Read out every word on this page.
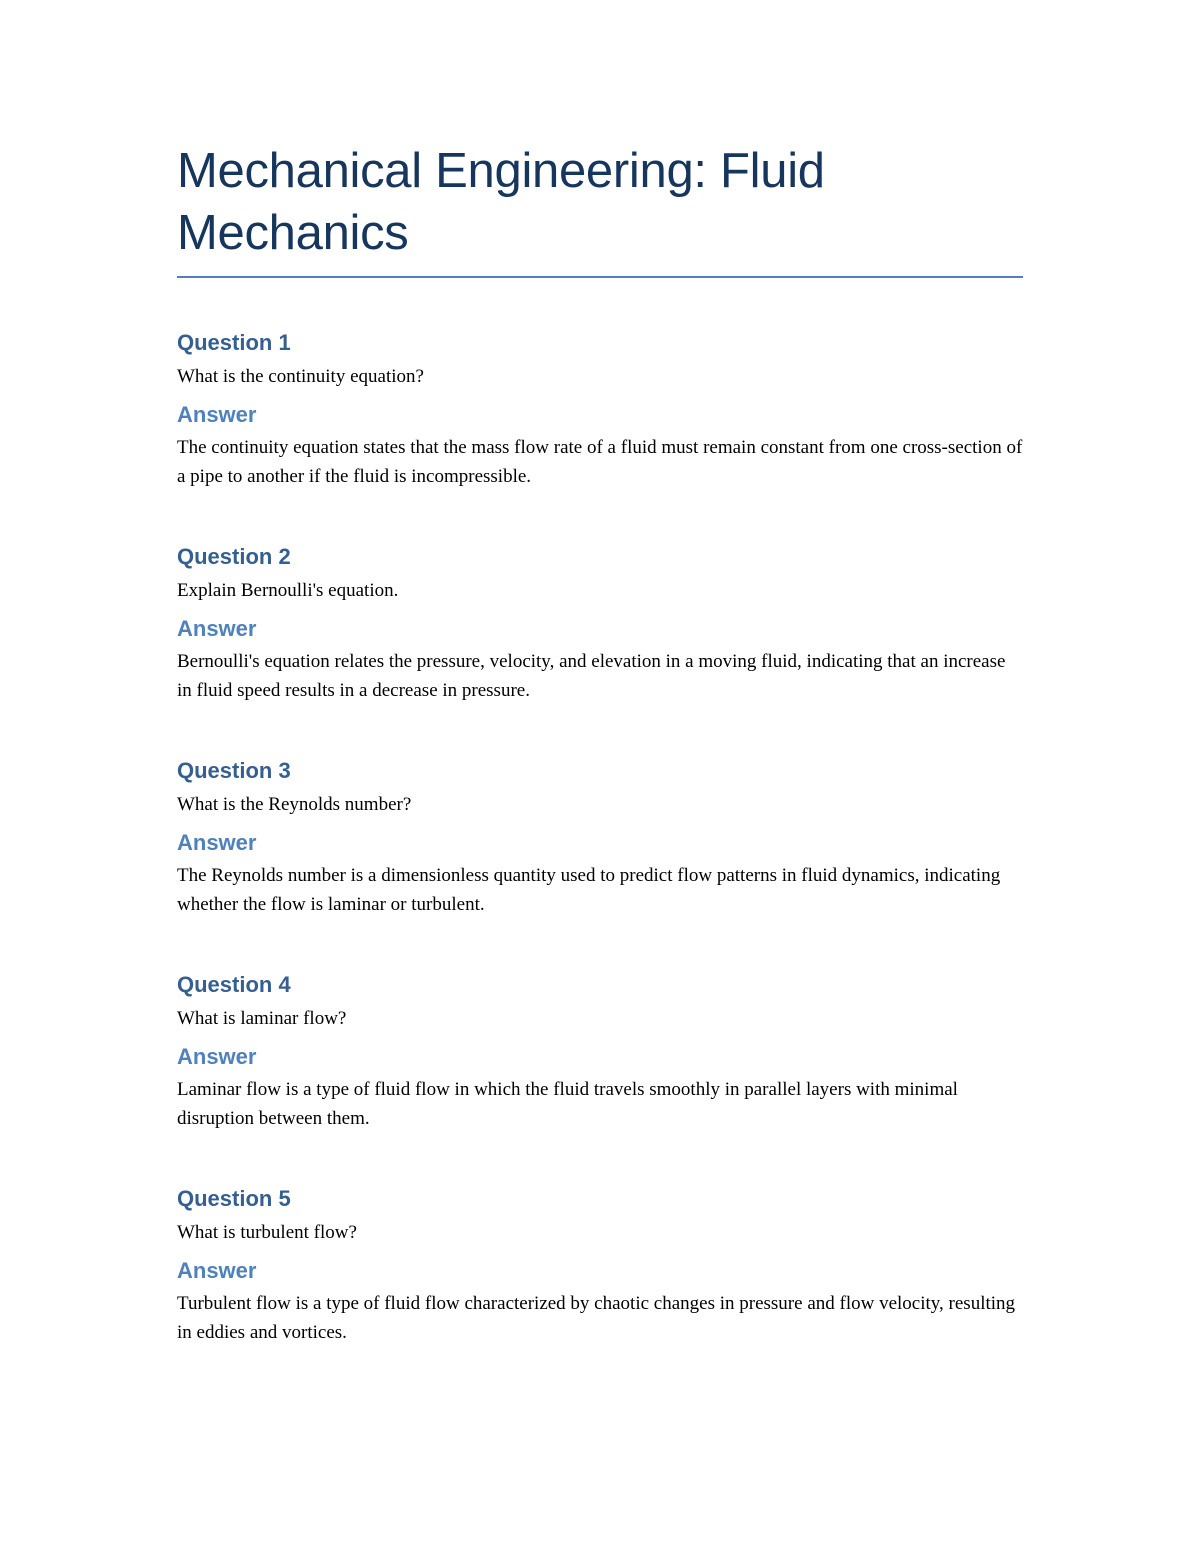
Mechanical Engineering: Fluid Mechanics
Question 1

What is the continuity equation?

Answer

The continuity equation states that the mass flow rate of a fluid must remain constant from one cross-section of a pipe to another if the fluid is incompressible.

Question 2

Explain Bernoulli's equation.

Answer

Bernoulli's equation relates the pressure, velocity, and elevation in a moving fluid, indicating that an increase in fluid speed results in a decrease in pressure.

Question 3

What is the Reynolds number?

Answer

The Reynolds number is a dimensionless quantity used to predict flow patterns in fluid dynamics, indicating whether the flow is laminar or turbulent.

Question 4

What is laminar flow?

Answer

Laminar flow is a type of fluid flow in which the fluid travels smoothly in parallel layers with minimal disruption between them.

Question 5

What is turbulent flow?

Answer

Turbulent flow is a type of fluid flow characterized by chaotic changes in pressure and flow velocity, resulting in eddies and vortices.
